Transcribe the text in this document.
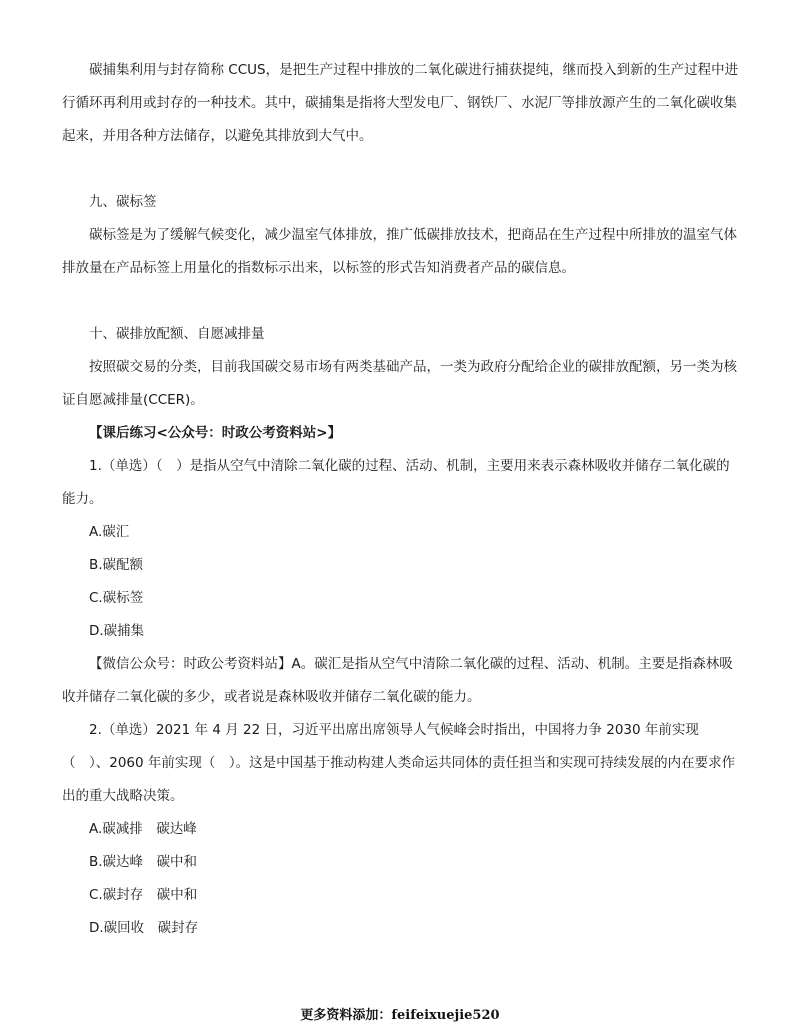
碳捕集利用与封存简称 CCUS，是把生产过程中排放的二氧化碳进行捕获提纯，继而投入到新的生产过程中进行循环再利用或封存的一种技术。其中，碳捕集是指将大型发电厂、钢铁厂、水泥厂等排放源产生的二氧化碳收集起来，并用各种方法储存，以避免其排放到大气中。

九、碳标签

碳标签是为了缓解气候变化，减少温室气体排放，推广低碳排放技术，把商品在生产过程中所排放的温室气体排放量在产品标签上用量化的指数标示出来，以标签的形式告知消费者产品的碳信息。

十、碳排放配额、自愿减排量

按照碳交易的分类，目前我国碳交易市场有两类基础产品，一类为政府分配给企业的碳排放配额，另一类为核证自愿减排量(CCER)。

【课后练习<公众号：时政公考资料站>】

1.（单选）（　）是指从空气中清除二氧化碳的过程、活动、机制，主要用来表示森林吸收并储存二氧化碳的能力。

A.碳汇

B.碳配额

C.碳标签

D.碳捕集

【微信公众号：时政公考资料站】A。碳汇是指从空气中清除二氧化碳的过程、活动、机制。主要是指森林吸收并储存二氧化碳的多少，或者说是森林吸收并储存二氧化碳的能力。

2.（单选）2021 年 4 月 22 日，习近平出席出席领导人气候峰会时指出，中国将力争 2030 年前实现（　）、2060 年前实现（　）。这是中国基于推动构建人类命运共同体的责任担当和实现可持续发展的内在要求作出的重大战略决策。

A.碳减排　碳达峰

B.碳达峰　碳中和

C.碳封存　碳中和

D.碳回收　碳封存

更多资料添加：feifeixuejie520
